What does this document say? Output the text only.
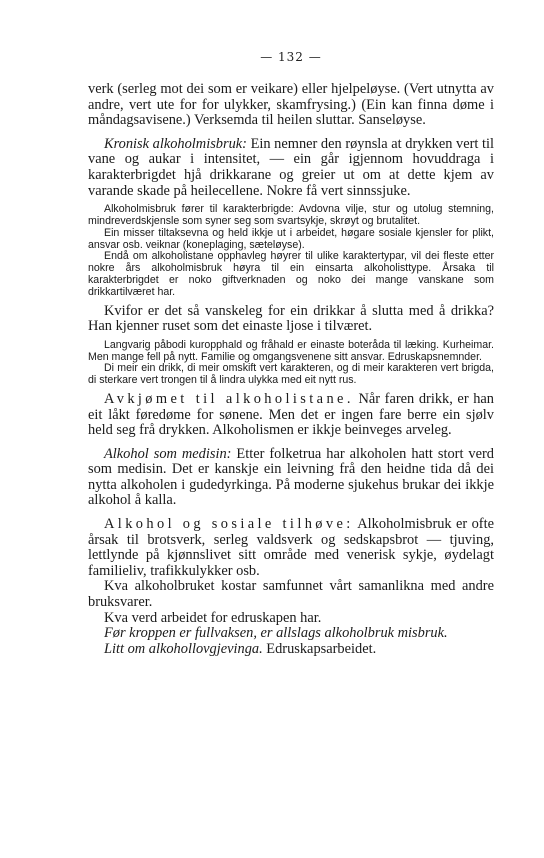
— 132 —

verk (serleg mot dei som er veikare) eller hjelpeløyse. (Vert utnytta av andre, vert ute for for ulykker, skamfrysing.) (Ein kan finna døme i måndagsavisene.) Verksemda til heilen sluttar. Sanseløyse.

Kronisk alkoholmisbruk: Ein nemner den røynsla at drykken vert til vane og aukar i intensitet, — ein går igjennom hovuddraga i karakterbrigdet hjå drikkarane og greier ut om at dette kjem av varande skade på heilecellene. Nokre få vert sinnssjuke.

Alkoholmisbruk fører til karakterbrigde: Avdovna vilje, stur og utolug stemning, mindreverdskjensle som syner seg som svartsykje, skrøyt og brutalitet.

Ein misser tiltaksevna og held ikkje ut i arbeidet, høgare sosiale kjensler for plikt, ansvar osb. veiknar (koneplaging, sæteløyse).

Endå om alkoholistane opphavleg høyrer til ulike karaktertypar, vil dei fleste etter nokre års alkoholmisbruk høyra til ein einsarta alkoholisttype. Årsaka til karakterbrigdet er noko giftverknaden og noko dei mange vanskane som drikkartilværet har.

Kvifor er det så vanskeleg for ein drikkar å slutta med å drikka? Han kjenner ruset som det einaste ljose i tilværet.

Langvarig påbodi kuropphald og fråhald er einaste boteråda til læking. Kurheimar. Men mange fell på nytt. Familie og omgangsvenene sitt ansvar. Edruskapsnemnder.

Di meir ein drikk, di meir omskift vert karakteren, og di meir karakteren vert brigda, di sterkare vert trongen til å lindra ulykka med eit nytt rus.

Avkjømet til alkoholistane. Når faren drikk, er han eit låkt føredøme for sønene. Men det er ingen fare berre ein sjølv held seg frå drykken. Alkoholismen er ikkje beinveges arveleg.

Alkohol som medisin: Etter folketrua har alkoholen hatt stort verd som medisin. Det er kanskje ein leivning frå den heidne tida då dei nytta alkoholen i gudedyrkinga. På moderne sjukehus brukar dei ikkje alkohol å kalla.

Alkohol og sosiale tilhøve: Alkoholmisbruk er ofte årsak til brotsverk, serleg valdsverk og sedskapsbrot — tjuving, lettlynde på kjønnslivet sitt område med venerisk sykje, øydelagt familieliv, trafikkulykker osb.

Kva alkoholbruket kostar samfunnet vårt samanlikna med andre bruksvarer.

Kva verd arbeidet for edruskapen har.

Før kroppen er fullvaksen, er allslags alkoholbruk misbruk.

Litt om alkohollovgjevinga. Edruskapsarbeidet.
